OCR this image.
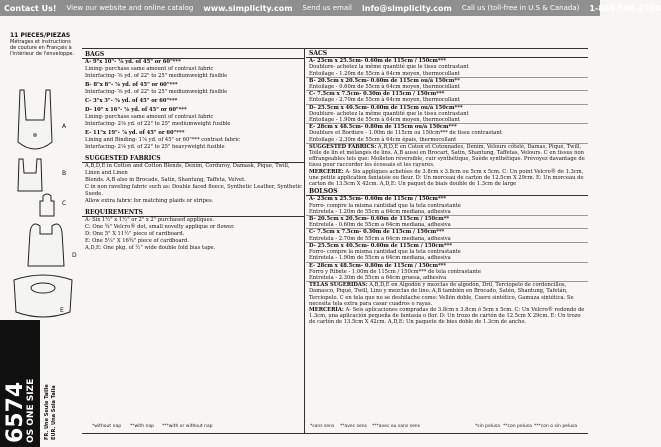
Contact Us! View our website and online catalog www.simplicity.com Send us email info@simplicity.com Call us (toll-free in U.S & Canada) 1-888-588-2700
11 PIECES/PIEZAS
Métrages et instructions
de couture en Français à
l'intérieur de l'enveloppe.
A
B
C
D
E
6574
OS ONE SIZE FR. Une Seule Taille EUR. Una Sola Talla
BAGS
A- 9"x 10"- ⅝ yd. of 45" or 60"***
Lining- purchase same amount of contrast fabric
Interfacing- ⅝ yd. of 22" to 25" mediumweight fusible
B- 8"x 8"- ⅝ yd. of 45" or 60"***
Interfacing- ⅝ yd. of 22" to 25" mediumweight fusible
C- 3"x 3"- ⅜ yd. of 45" or 60"***
D- 10" x 16"- ⅝ yd. of 45" or 60"***
Lining- purchase same amount of contrast fabric
Interfacing- 2⅛ yd. of 22" to 25" mediumweight fusible
E- 11"x 19"- ⅞ yd. of 45" or 60"***
Lining and Binding- 1⅞ yd. of 45" or 60"*** contrast fabric
Interfacing- 2⅛ yd. of 22" to 25" heavyweight fusible
SUGGESTED FABRICS
A,B,D,E in Cotton and Cotton Blends, Denim, Corduroy, Damask, Pique, Twill, Linen and Linen
Blends. A,B also in Brocade, Satin, Shantung, Taffeta, Velvet.
C in non raveling fabric such as: Double faced fleece, Synthetic Leather, Synthetic Suede.
Allow extra fabric for matching plaids or stripes.
REQUIREMENTS
A- Six 1½" x 1½" or 2" x 2" purchased appliques.
C: One ¾" Velcro® dot, small novelty applique or flower.
D: One 5" X 11½" piece of cardboard.
E: One 5¼" X 16¾" piece of cardboard.
A,D,E: One pkg. of ½" wide double fold bias tape.
SACS
A- 23cm x 25.5cm- 0.60m de 115cm / 150cm***
Doublure- achetez la même quantité que le tissu contrastant
Entoilage - 1.20m de 55cm à 64cm moyen, thermocollant
B- 20.5cm x 20.5cm- 0.60m de 115cm ou/à 150cm**
Entoilage - 0.60m de 55cm à 64cm moyen, thermocollant
C- 7.5cm x 7.5cm- 0.30m de 115cm / 150cm***
Entoilage - 2.70m de 55cm à 64cm moyen, thermocollant
D- 25.5cm x 40.5cm- 0.60m de 115cm ou/à 150cm***
Doublure- achetez la même quantité que le tissu contrastant
Entoilage - 1.90m de 55cm à 64cm moyen, thermocollant
E- 28cm x 48.5cm- 0.80m de 115cm ou/à 150cm***
Doublure et Bordure - 1.00m de 115cm ou 150cm*** de tissu contrastant
Entoilage - 2.30m de 55cm à 64cm épais, thermocollant
SUGGESTED FABRICS: A,B,D,E en Coton et Cotonnades, Denim, Velours côtelé, Damas, Piqué, Twill, Toile de lin et mélanges de lins. A,B aussi en Brocart, Satin, Shantung, Taffetas, Velours. C en tissus non effrangeables tels que: Molleton réversible, cuir synthétique, Suède synthétique. Prévoyez davantage de tissu pour raccorder les écossais et les rayures.
MERCERIE: A- Six appliques achetées de 3.8cm x 3.8cm ou 5cm x 5cm. C: Un point Velcro® de 1.3cm, une petite application fantaisie ou fleur. D: Un morceau de carton de 12.5cm X 29cm. E: Un morceau de carton de 13.5cm X 42cm. A,D,E: Un paquet de biais double de 1.3cm de large
BOLSOS
A- 23cm x 25.5cm- 0.60m de 115cm / 150cm***
Forro- compre la misma cantidad que la tela contrastante
Entretela - 1.20m de 55cm a 64cm mediana, adhesiva
B- 20.5cm x 20.5cm- 0.60m de 115cm / 150cm**
Entretela - 0.60m de 55cm a 64cm mediana, adhesiva
C- 7.5cm x 7.5cm- 0.30m de 115cm / 150cm***
Entretela - 2.70m de 55cm a 64cm mediana, adhesiva
D- 25.5cm x 40.5cm- 0.60m de 115cm / 150cm***
Forro- compre la misma cantidad que la tela contrastante
Entretela - 1.90m de 55cm a 64cm mediana, adhesiva
E- 28cm x 48.5cm- 0.80m de 115cm / 150cm***
Forro y Ribete - 1.00m de 115cm / 150cm*** de tela contrastante
Entretela - 2.30m de 55cm a 64cm gruesa, adhesiva
TELAS SUGERIDAS: A,B,D,E en Algodón y mezclas de algodón, Dril, Terciopelo de cordoncillos, Damasco, Piqué, Twill, Lino y mezclas de lino. A,B también en Brocado, Satén, Shantung, Tafetán, Terciopelo. C en tela que no se deshilache como: Vellón doble, Cuero sintético, Gamuza sintética. Se necesita tela extra para casar cuadros o rayas.
MERCERÍA: A- Seis aplicaciones compradas de 3.8cm x 3.8cm ó 5cm x 5cm. C: Un Velcro® redondo de 1.3cm, una aplicación pequeña de fantasía o flor. D: Un trozo de cartón de 12.5cm X 29cm. E: Un trozo de cartón de 13.5cm X 42cm. A,D,E: Un paquete de bies doble de 1.3cm de ancho.
*without nap **with nap ***with or without nap	*sans sens **avec sens ***avec ou sans sens	*sin pelusa **con pelusa ***con o sin pelusa
